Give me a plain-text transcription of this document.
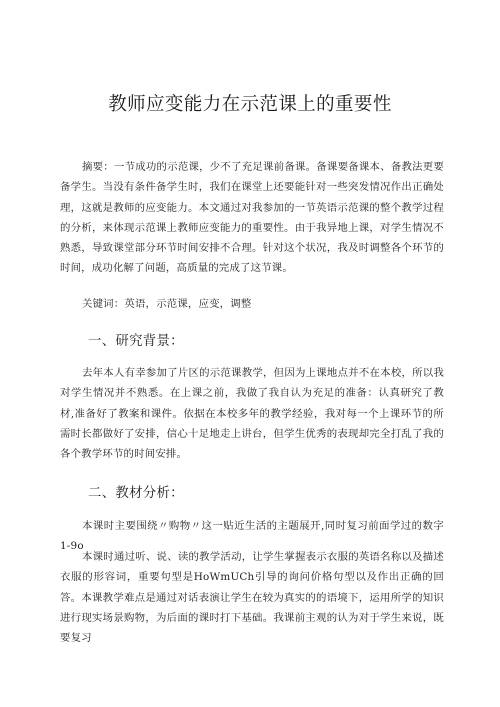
教师应变能力在示范课上的重要性

摘要：一节成功的示范课，少不了充足课前备课。备课要备课本、备教法更要备学生。当没有条件备学生时，我们在课堂上还要能针对一些突发情况作出正确处理，这就是教师的应变能力。本文通过对我参加的一节英语示范课的整个教学过程的分析，来体现示范课上教师应变能力的重要性。由于我异地上课，对学生情况不熟悉，导致课堂部分环节时间安排不合理。针对这个状况，我及时调整各个环节的时间，成功化解了问题，高质量的完成了这节课。

关键词：英语，示范课，应变，调整

一、研究背景：

去年本人有幸参加了片区的示范课教学，但因为上课地点并不在本校，所以我对学生情况并不熟悉。在上课之前，我做了我自认为充足的准备：认真研究了教材,准备好了教案和课件。依据在本校多年的教学经验，我对每一个上课环节的所需时长都做好了安排，信心十足地走上讲台，但学生优秀的表现却完全打乱了我的各个教学环节的时间安排。

二、教材分析：

本课时主要围绕〃购物〃这一贴近生活的主题展开,同时复习前面学过的数字1-9o

本课时通过听、说、读的教学活动，让学生掌握表示衣服的英语名称以及描述衣服的形容词，重要句型是HoWmUCh引导的询问价格句型以及作出正确的回答。本课教学难点是通过对话表演让学生在较为真实的的语境下，运用所学的知识进行现实场景购物，为后面的课时打下基础。我课前主观的认为对于学生来说，既要复习
